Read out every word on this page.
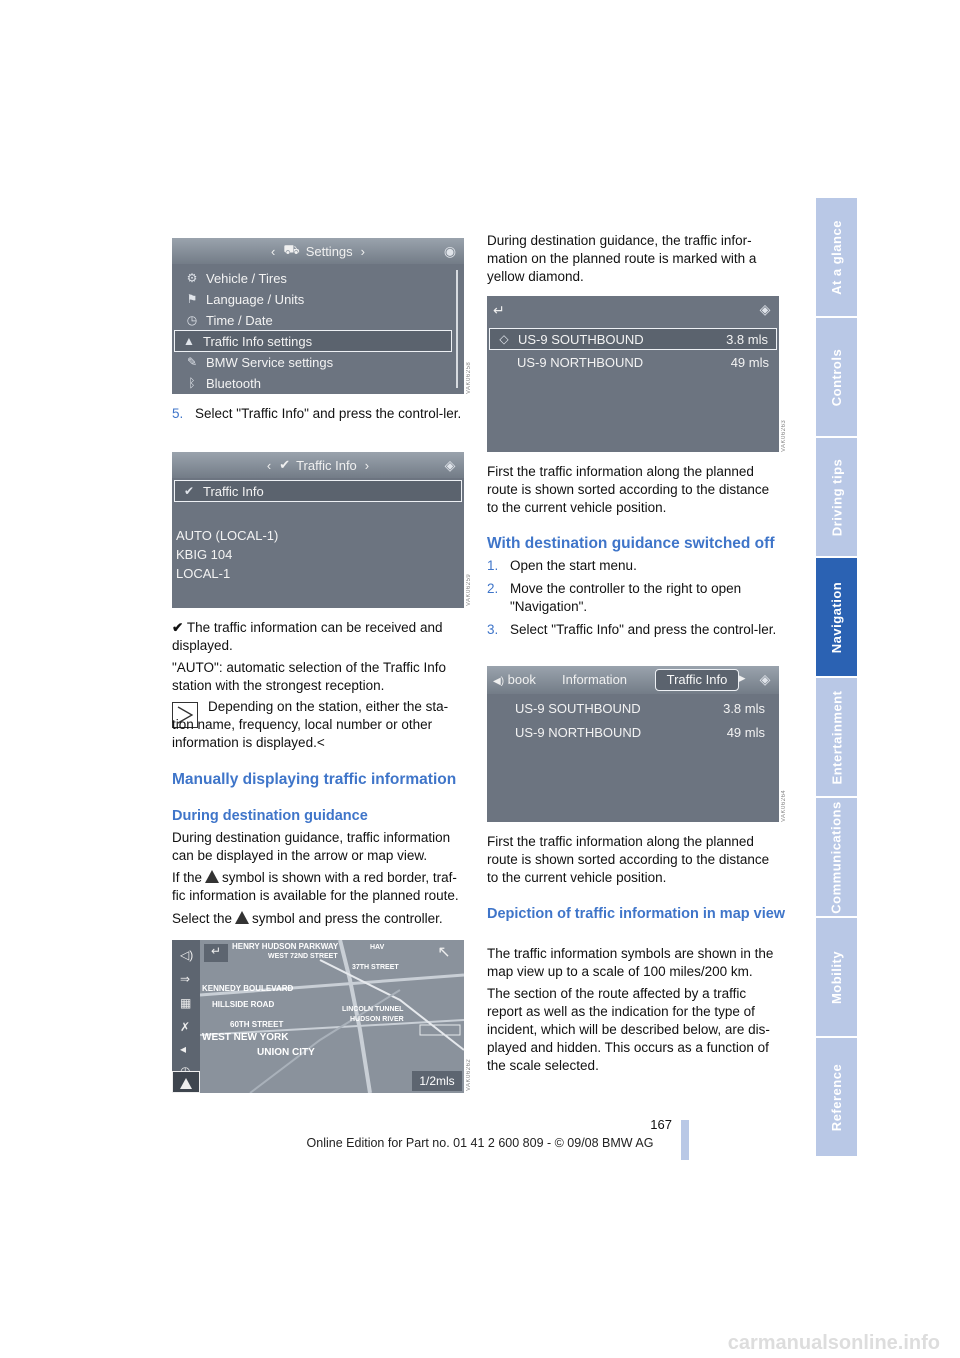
At a glance
Controls
Driving tips
Navigation
Entertainment
Communications
Mobility
Reference
‹ ⛟ Settings ›	◉
⚙ Vehicle / Tires
⚑ Language / Units
◷ Time / Date
▲ Traffic Info settings
✎ BMW Service settings
ᛒ Bluetooth	VAK06258
5. Select "Traffic Info" and press the control-ler.
‹ ✔ Traffic Info ›	◈
✔ Traffic Info
AUTO (LOCAL-1)
KBIG 104
LOCAL-1
VAK06259
✔ The traffic information can be received and displayed.
"AUTO": automatic selection of the Traffic Info station with the strongest reception.
Depending on the station, either the sta-tion name, frequency, local number or other information is displayed.<
Manually displaying traffic information
During destination guidance
During destination guidance, traffic information can be displayed in the arrow or map view.
If the symbol is shown with a red border, traf-fic information is available for the planned route.
Select the symbol and press the controller.
◁)
⇒
▦
✗
◂
↵	↖
HENRY HUDSON PARKWAY
WEST 72ND STREET
KENNEDY BOULEVARD
HILLSIDE ROAD
LINCOLN TUNNEL
HUDSON RIVER
60TH STREET
WEST NEW YORK
UNION CITY
37TH STREET
HAV
1/2mls	VAK06262
During destination guidance, the traffic infor-mation on the planned route is marked with a yellow diamond.
↵	◈
◇ US-9 SOUTHBOUND	3.8 mls
US-9 NORTHBOUND	49 mls
VAK06263
First the traffic information along the planned route is shown sorted according to the distance to the current vehicle position.
With destination guidance switched off
1. Open the start menu.
2. Move the controller to the right to open "Navigation".
3. Select "Traffic Info" and press the control-ler.
◀) book Information	Traffic Info ▸	◈
US-9 SOUTHBOUND	3.8 mls
US-9 NORTHBOUND	49 mls
VAK06264
First the traffic information along the planned route is shown sorted according to the distance to the current vehicle position.
Depiction of traffic information in map view
The traffic information symbols are shown in the map view up to a scale of 100 miles/200 km.
The section of the route affected by a traffic report as well as the indication for the type of incident, which will be described below, are dis-played and hidden. This occurs as a function of the scale selected.
167
Online Edition for Part no. 01 41 2 600 809 - © 09/08 BMW AG
carmanualsonline.info
